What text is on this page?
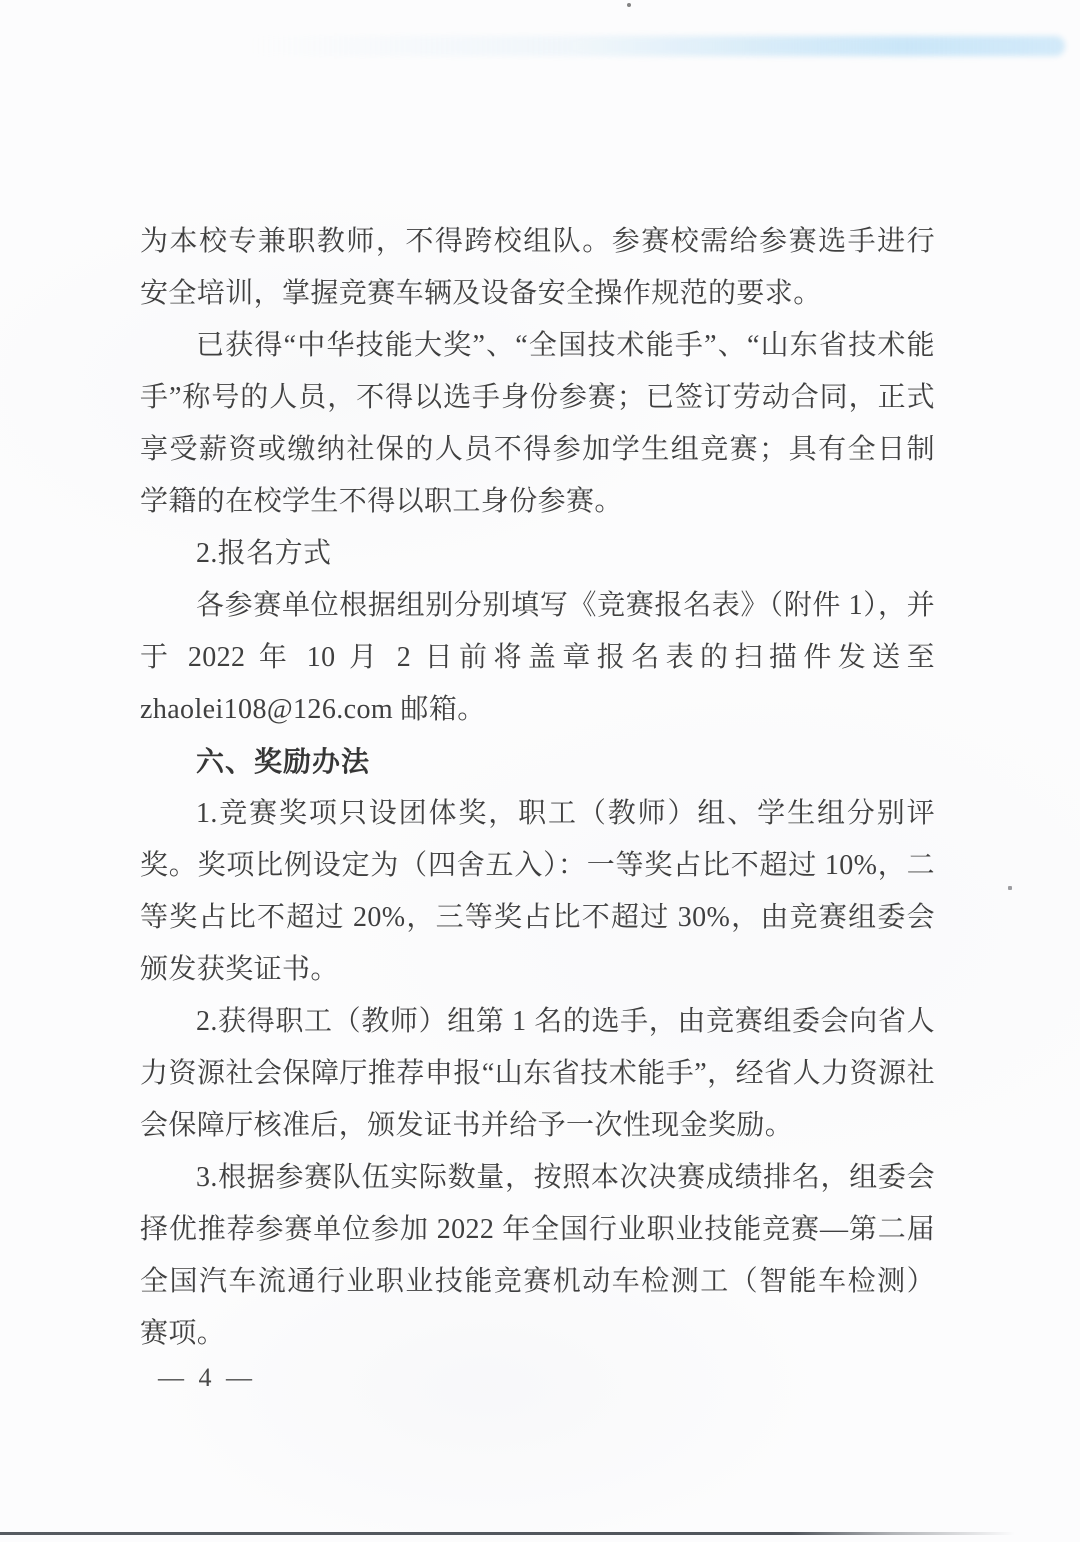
为本校专兼职教师，不得跨校组队。参赛校需给参赛选手进行安全培训，掌握竞赛车辆及设备安全操作规范的要求。

已获得“中华技能大奖”、“全国技术能手”、“山东省技术能手”称号的人员，不得以选手身份参赛；已签订劳动合同，正式享受薪资或缴纳社保的人员不得参加学生组竞赛；具有全日制学籍的在校学生不得以职工身份参赛。

2.报名方式

各参赛单位根据组别分别填写《竞赛报名表》（附件 1），并于 2022 年 10 月 2 日前将盖章报名表的扫描件发送至 zhaolei108@126.com 邮箱。

六、奖励办法

1.竞赛奖项只设团体奖，职工（教师）组、学生组分别评奖。奖项比例设定为（四舍五入）：一等奖占比不超过 10%，二等奖占比不超过 20%，三等奖占比不超过 30%，由竞赛组委会颁发获奖证书。

2.获得职工（教师）组第 1 名的选手，由竞赛组委会向省人力资源社会保障厅推荐申报“山东省技术能手”，经省人力资源社会保障厅核准后，颁发证书并给予一次性现金奖励。

3.根据参赛队伍实际数量，按照本次决赛成绩排名，组委会择优推荐参赛单位参加 2022 年全国行业职业技能竞赛—第二届全国汽车流通行业职业技能竞赛机动车检测工（智能车检测）赛项。

— 4 —
